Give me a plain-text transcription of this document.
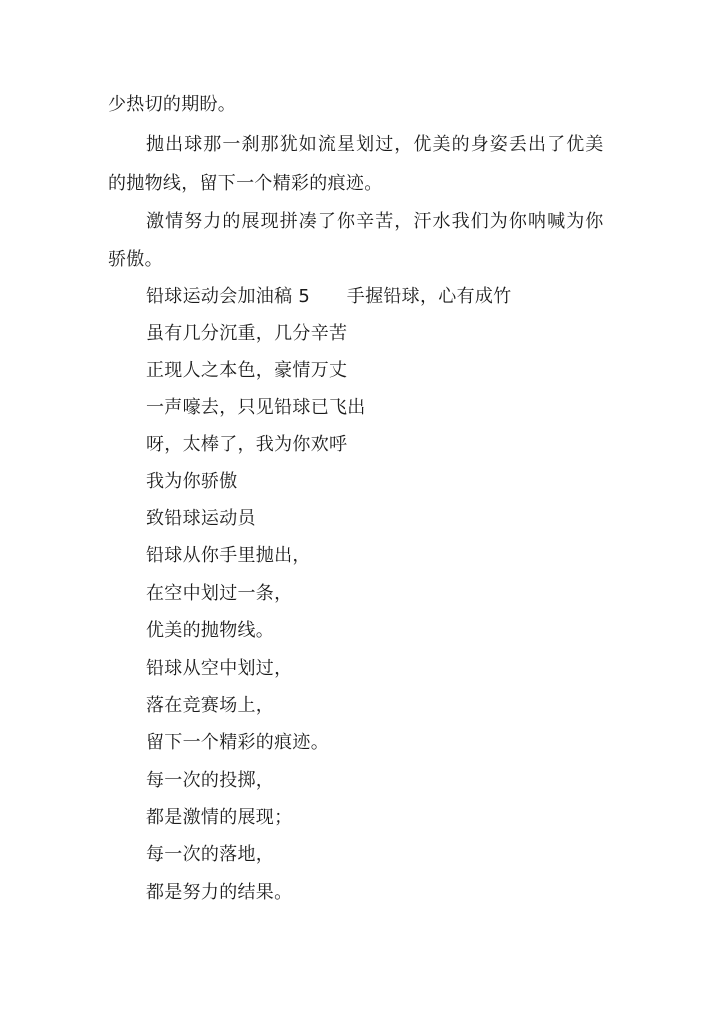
少热切的期盼。
抛出球那一刹那犹如流星划过，优美的身姿丢出了优美
的抛物线，留下一个精彩的痕迹。
激情努力的展现拼凑了你辛苦，汗水我们为你呐喊为你
骄傲。
铅球运动会加油稿 5　　手握铅球，心有成竹
虽有几分沉重，几分辛苦
正现人之本色，豪情万丈
一声嚎去，只见铅球已飞出
呀，太棒了，我为你欢呼
我为你骄傲
致铅球运动员
铅球从你手里抛出，
在空中划过一条，
优美的抛物线。
铅球从空中划过，
落在竞赛场上，
留下一个精彩的痕迹。
每一次的投掷，
都是激情的展现；
每一次的落地，
都是努力的结果。
